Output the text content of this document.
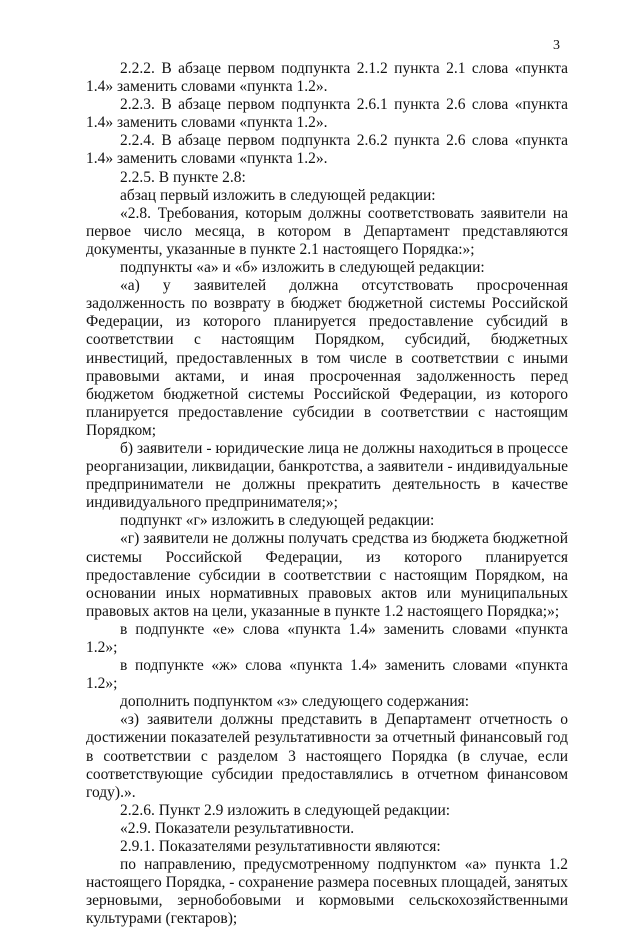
3

2.2.2. В абзаце первом подпункта 2.1.2 пункта 2.1 слова «пункта 1.4» заменить словами «пункта 1.2».

2.2.3. В абзаце первом подпункта 2.6.1 пункта 2.6 слова «пункта 1.4» заменить словами «пункта 1.2».

2.2.4. В абзаце первом подпункта 2.6.2 пункта 2.6 слова «пункта 1.4» заменить словами «пункта 1.2».

2.2.5. В пункте 2.8:

абзац первый изложить в следующей редакции:

«2.8. Требования, которым должны соответствовать заявители на первое число месяца, в котором в Департамент представляются документы, указанные в пункте 2.1 настоящего Порядка:»;

подпункты «а» и «б» изложить в следующей редакции:

«а) у заявителей должна отсутствовать просроченная задолженность по возврату в бюджет бюджетной системы Российской Федерации, из которого планируется предоставление субсидий в соответствии с настоящим Порядком, субсидий, бюджетных инвестиций, предоставленных в том числе в соответствии с иными правовыми актами, и иная просроченная задолженность перед бюджетом бюджетной системы Российской Федерации, из которого планируется предоставление субсидии в соответствии с настоящим Порядком;

б) заявители - юридические лица не должны находиться в процессе реорганизации, ликвидации, банкротства, а заявители - индивидуальные предприниматели не должны прекратить деятельность в качестве индивидуального предпринимателя;»;

подпункт «г» изложить в следующей редакции:

«г) заявители не должны получать средства из бюджета бюджетной системы Российской Федерации, из которого планируется предоставление субсидии в соответствии с настоящим Порядком, на основании иных нормативных правовых актов или муниципальных правовых актов на цели, указанные в пункте 1.2 настоящего Порядка;»;

в подпункте «е» слова «пункта 1.4» заменить словами «пункта 1.2»;

в подпункте «ж» слова «пункта 1.4» заменить словами «пункта 1.2»;

дополнить подпунктом «з» следующего содержания:

«з) заявители должны представить в Департамент отчетность о достижении показателей результативности за отчетный финансовый год в соответствии с разделом 3 настоящего Порядка (в случае, если соответствующие субсидии предоставлялись в отчетном финансовом году).».

2.2.6. Пункт 2.9 изложить в следующей редакции:

«2.9. Показатели результативности.

2.9.1. Показателями результативности являются:

по направлению, предусмотренному подпунктом «а» пункта 1.2 настоящего Порядка, - сохранение размера посевных площадей, занятых зерновыми, зернобобовыми и кормовыми сельскохозяйственными культурами (гектаров);
